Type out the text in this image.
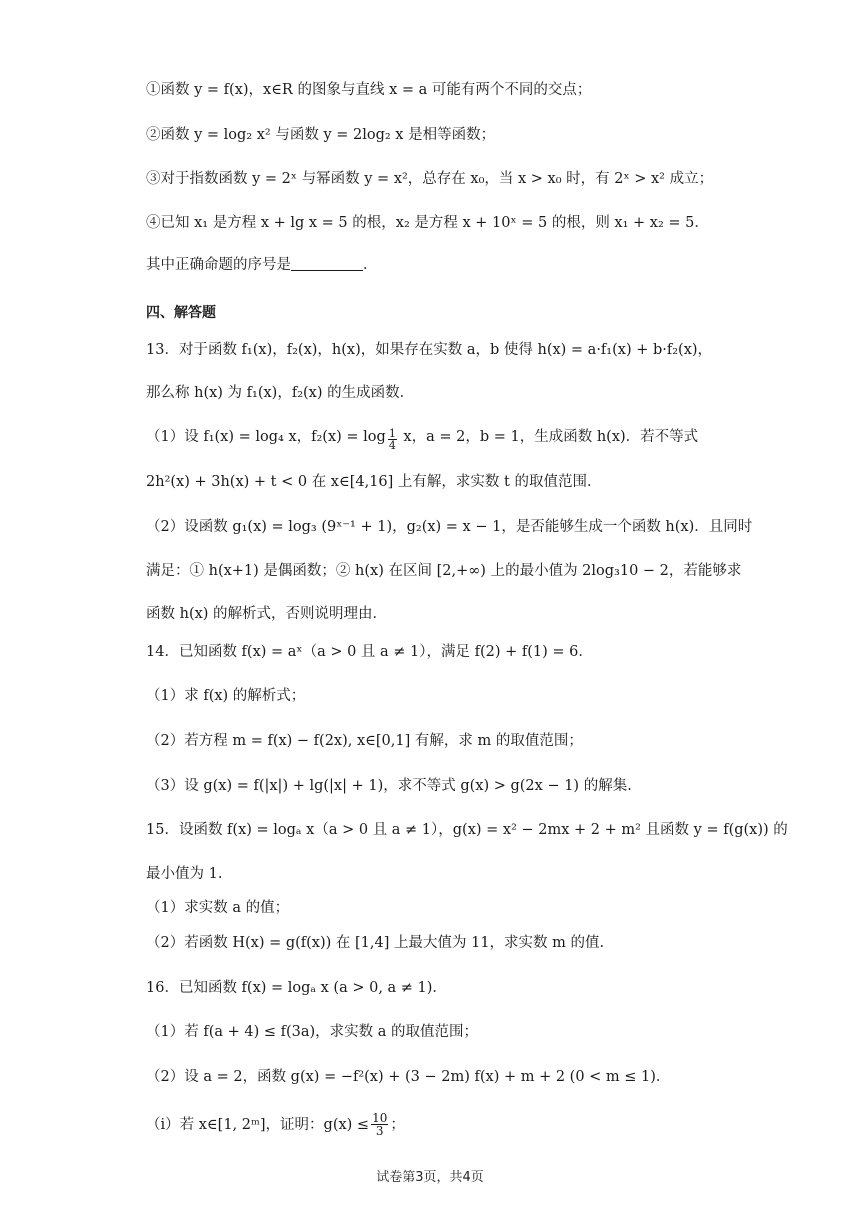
①函数 y = f(x)，x∈R 的图象与直线 x = a 可能有两个不同的交点；
②函数 y = log₂ x² 与函数 y = 2log₂ x 是相等函数；
③对于指数函数 y = 2ˣ 与幂函数 y = x²，总存在 x₀，当 x > x₀ 时，有 2ˣ > x² 成立；
④已知 x₁ 是方程 x + lg x = 5 的根，x₂ 是方程 x + 10ˣ = 5 的根，则 x₁ + x₂ = 5．
其中正确命题的序号是	．
四、解答题
13．对于函数 f₁(x)，f₂(x)，h(x)，如果存在实数 a，b 使得 h(x) = a·f₁(x) + b·f₂(x)，
那么称 h(x) 为 f₁(x)，f₂(x) 的生成函数．
（1）设 f₁(x) = log₄ x，$f_2(x) = \log \frac{1}{4}$ x，a = 2，b = 1，生成函数 h(x)．若不等式
2h²(x) + 3h(x) + t < 0 在 x∈[4,16] 上有解，求实数 t 的取值范围．
（2）设函数 g₁(x) = log₃ (9ˣ⁻¹ + 1)，g₂(x) = x − 1，是否能够生成一个函数 h(x)．且同时
满足：① h(x+1) 是偶函数；② h(x) 在区间 [2,+∞) 上的最小值为 2log₃10 − 2，若能够求
函数 h(x) 的解析式，否则说明理由．
14．已知函数 f(x) = aˣ（a > 0 且 a ≠ 1），满足 f(2) + f(1) = 6．
（1）求 f(x) 的解析式；
（2）若方程 m = f(x) − f(2x), x∈[0,1] 有解，求 m 的取值范围；
（3）设 g(x) = f(|x|) + lg(|x| + 1)，求不等式 g(x) > g(2x − 1) 的解集.
15．设函数 f(x) = logₐ x（a > 0 且 a ≠ 1），g(x) = x² − 2mx + 2 + m² 且函数 y = f(g(x)) 的
最小值为 1.
（1）求实数 a 的值；
（2）若函数 H(x) = g(f(x)) 在 [1,4] 上最大值为 11，求实数 m 的值.
16．已知函数 f(x) = logₐ x (a > 0, a ≠ 1)．
（1）若 f(a + 4) ≤ f(3a)，求实数 a 的取值范围；
（2）设 a = 2，函数 g(x) = −f²(x) + (3 − 2m) f(x) + m + 2 (0 < m ≤ 1)．
（i）若 x∈[1, 2ᵐ]，证明：$g(x) \le \frac{10}{3}$ ；
试卷第3页，共4页
